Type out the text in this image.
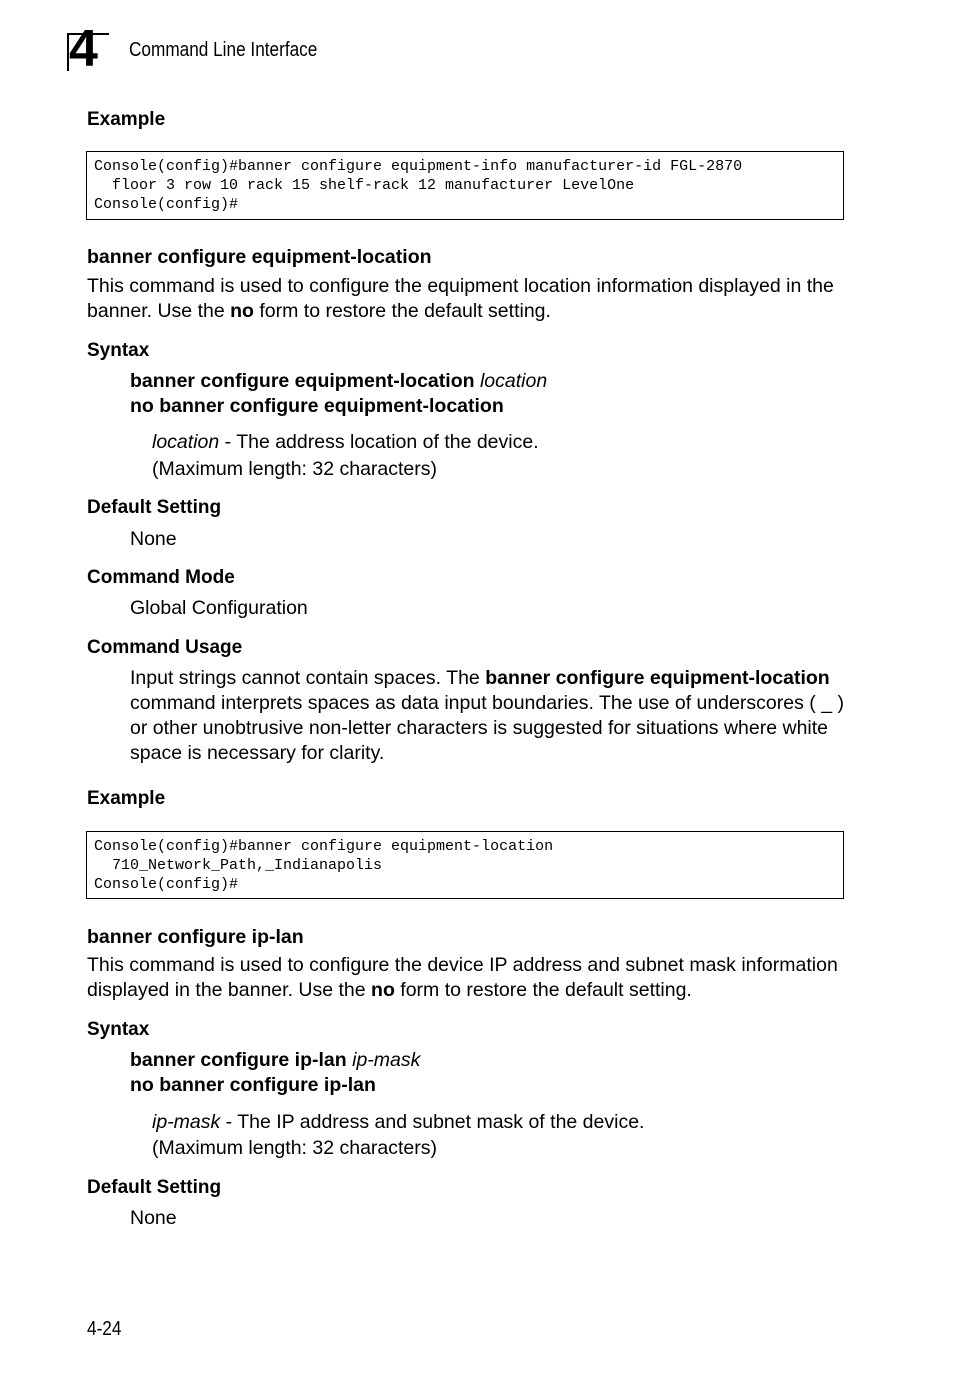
4 Command Line Interface
Example
Console(config)#banner configure equipment-info manufacturer-id FGL-2870
floor 3 row 10 rack 15 shelf-rack 12 manufacturer LevelOne
Console(config)#
banner configure equipment-location
This command is used to configure the equipment location information displayed in the banner. Use the no form to restore the default setting.
Syntax
banner configure equipment-location location
no banner configure equipment-location
location - The address location of the device.
(Maximum length: 32 characters)
Default Setting
None
Command Mode
Global Configuration
Command Usage
Input strings cannot contain spaces. The banner configure equipment-location command interprets spaces as data input boundaries. The use of underscores ( _ ) or other unobtrusive non-letter characters is suggested for situations where white space is necessary for clarity.
Example
Console(config)#banner configure equipment-location
710_Network_Path,_Indianapolis
Console(config)#
banner configure ip-lan
This command is used to configure the device IP address and subnet mask information displayed in the banner. Use the no form to restore the default setting.
Syntax
banner configure ip-lan ip-mask
no banner configure ip-lan
ip-mask - The IP address and subnet mask of the device.
(Maximum length: 32 characters)
Default Setting
None
4-24
